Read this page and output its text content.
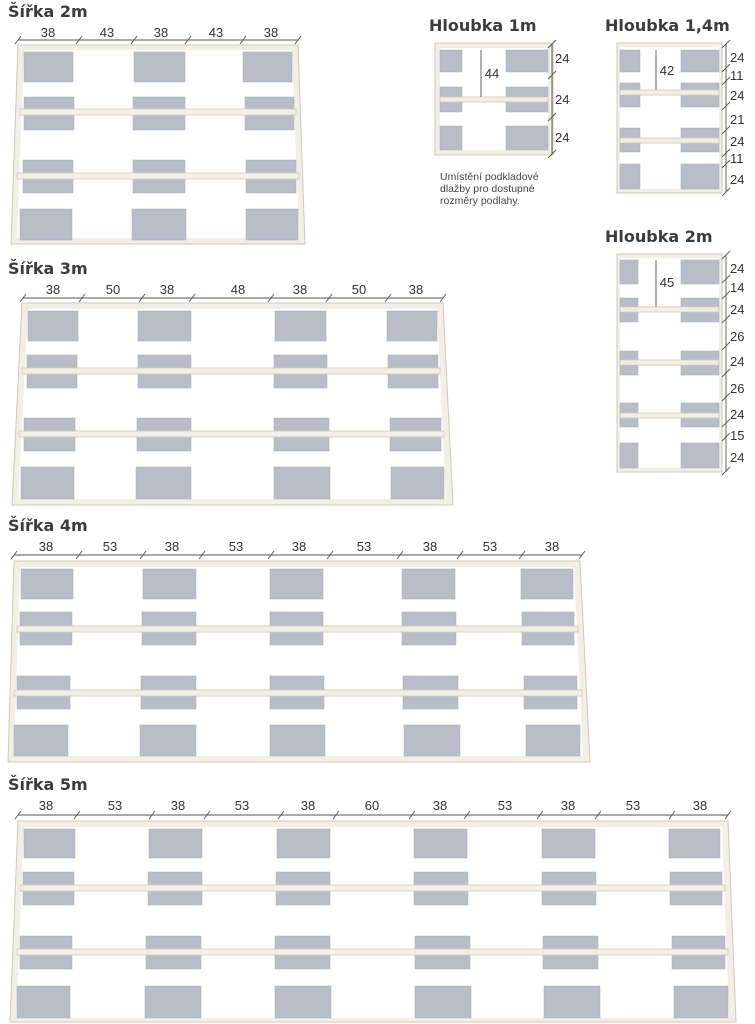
Šířka 2m
38	43	38	43	38
Šířka 3m
38	50	38	48	38	50	38
Šířka 4m
38	53	38	53	38	53	38	53	38
Šířka 5m
38	53	38	53	38	60	38	53	38	53	38
Hloubka 1m
44
24
24
24
Umístění podkladové
dlažby pro dostupné
rozměry podlahy.
Hloubka 1,4m
42
24
11
24
21
24
11
24
Hloubka 2m
45
24
14
24
26
24
26
24
15
24
